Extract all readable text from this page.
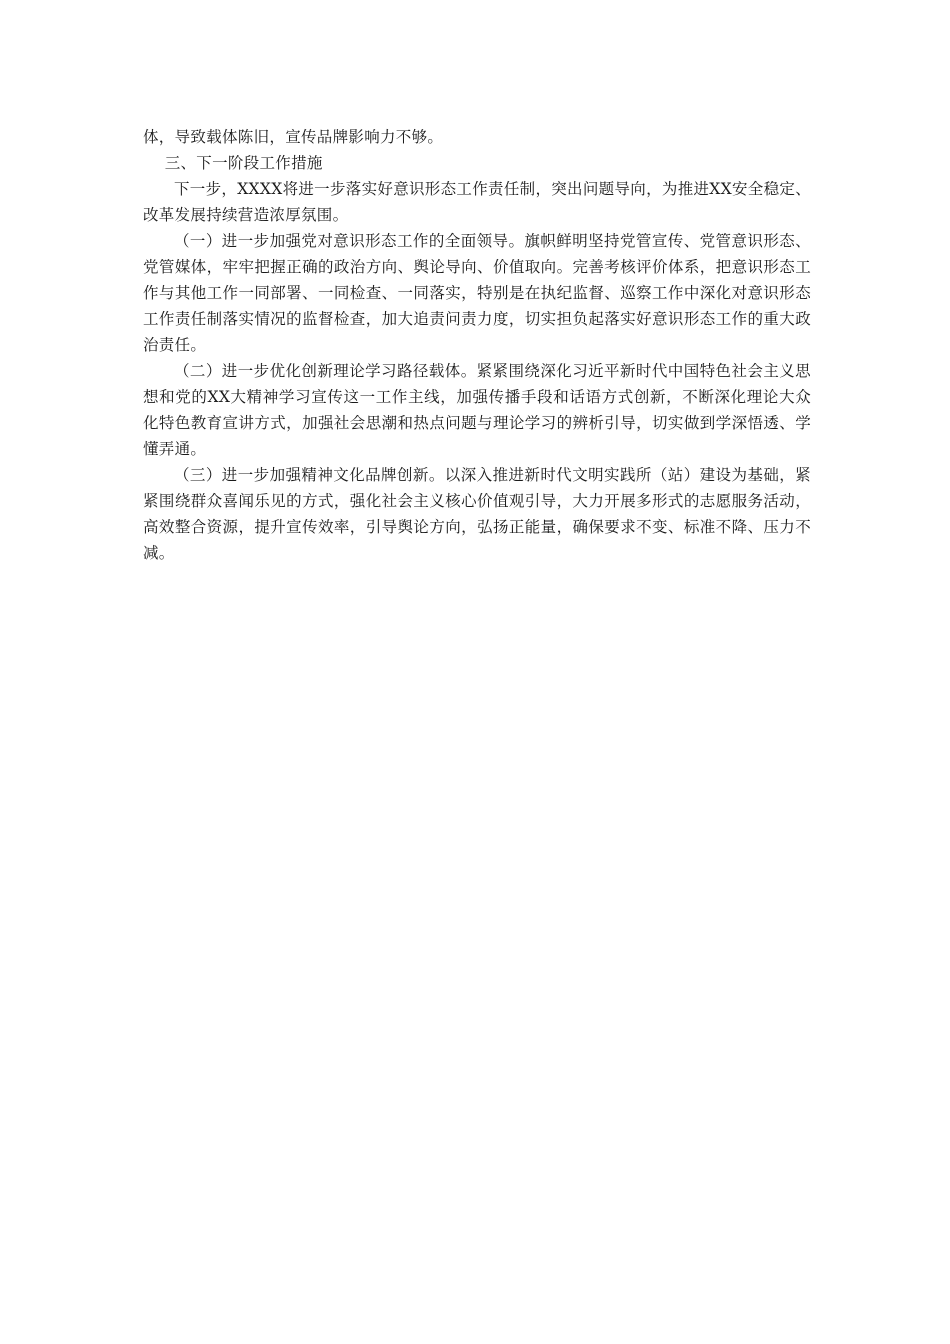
体，导致载体陈旧，宣传品牌影响力不够。

三、下一阶段工作措施

下一步，XXXX将进一步落实好意识形态工作责任制，突出问题导向，为推进XX安全稳定、改革发展持续营造浓厚氛围。

（一）进一步加强党对意识形态工作的全面领导。旗帜鲜明坚持党管宣传、党管意识形态、党管媒体，牢牢把握正确的政治方向、舆论导向、价值取向。完善考核评价体系，把意识形态工作与其他工作一同部署、一同检查、一同落实，特别是在执纪监督、巡察工作中深化对意识形态工作责任制落实情况的监督检查，加大追责问责力度，切实担负起落实好意识形态工作的重大政治责任。

（二）进一步优化创新理论学习路径载体。紧紧围绕深化习近平新时代中国特色社会主义思想和党的XX大精神学习宣传这一工作主线，加强传播手段和话语方式创新，不断深化理论大众化特色教育宣讲方式，加强社会思潮和热点问题与理论学习的辨析引导，切实做到学深悟透、学懂弄通。

（三）进一步加强精神文化品牌创新。以深入推进新时代文明实践所（站）建设为基础，紧紧围绕群众喜闻乐见的方式，强化社会主义核心价值观引导，大力开展多形式的志愿服务活动，高效整合资源，提升宣传效率，引导舆论方向，弘扬正能量，确保要求不变、标准不降、压力不减。
